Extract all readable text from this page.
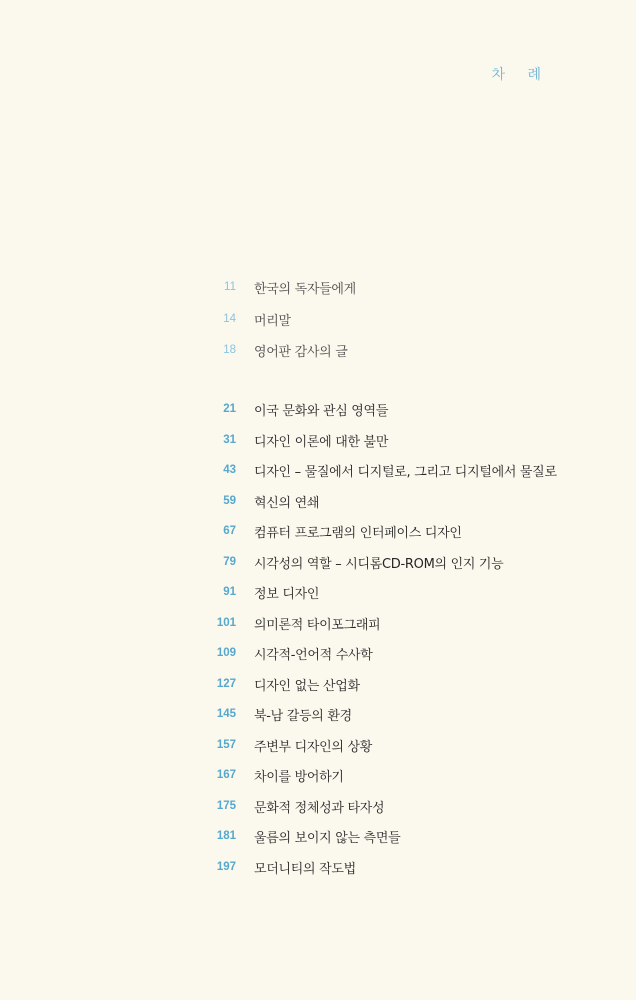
차 례
11 한국의 독자들에게
14 머리말
18 영어판 감사의 글
21 이국 문화와 관심 영역들
31 디자인 이론에 대한 불만
43 디자인 – 물질에서 디지털로, 그리고 디지털에서 물질로
59 혁신의 연쇄
67 컴퓨터 프로그램의 인터페이스 디자인
79 시각성의 역할 – 시디롬CD-ROM의 인지 기능
91 정보 디자인
101 의미론적 타이포그래피
109 시각적-언어적 수사학
127 디자인 없는 산업화
145 북-남 갈등의 환경
157 주변부 디자인의 상황
167 차이를 방어하기
175 문화적 정체성과 타자성
181 울름의 보이지 않는 측면들
197 모더니티의 작도법
